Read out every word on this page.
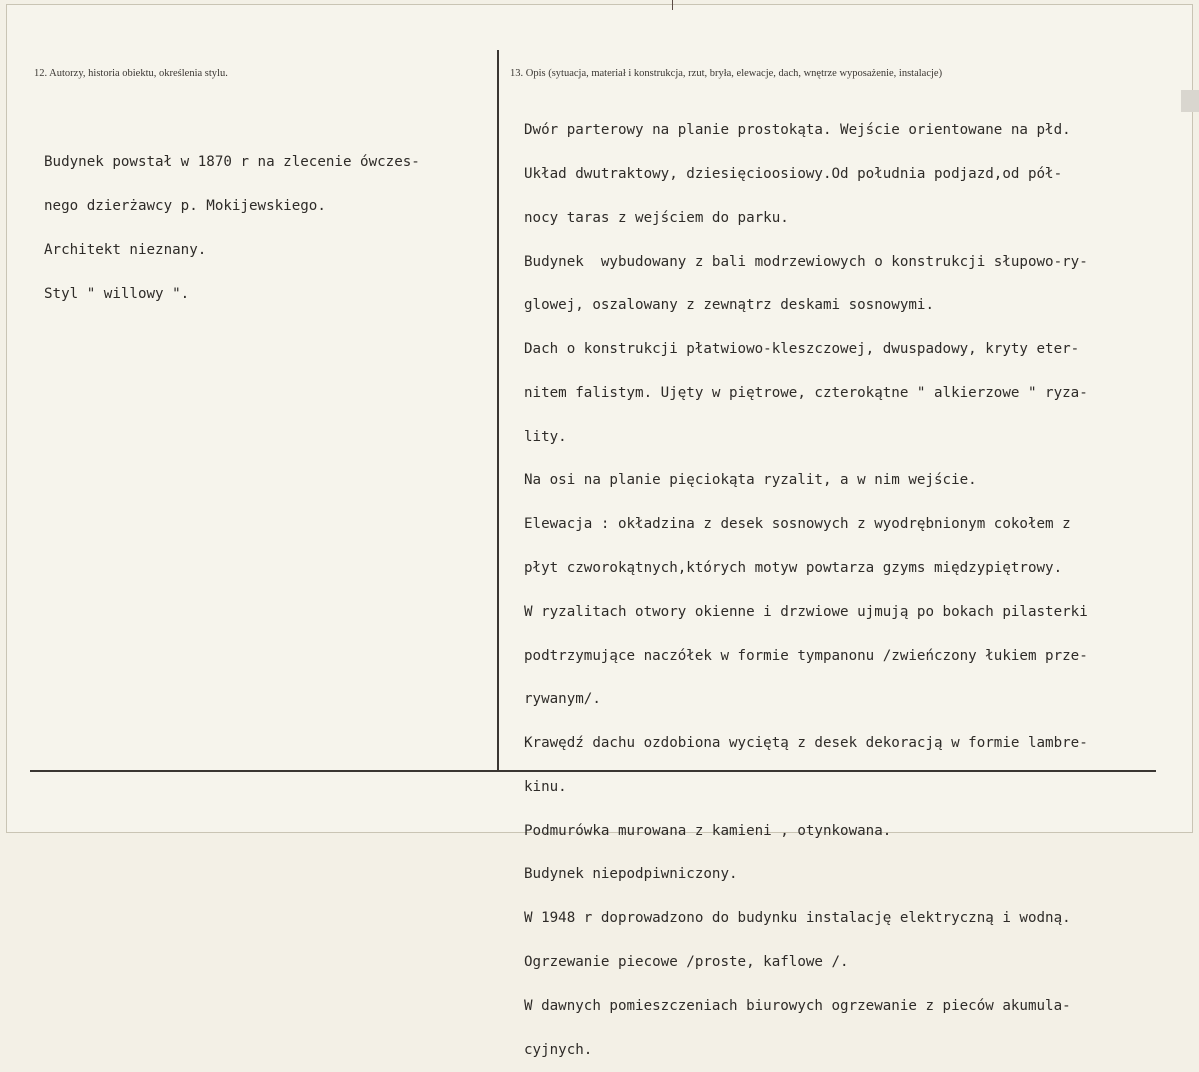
12. Autorzy, historia obiektu, określenia stylu.	13. Opis (sytuacja, materiał i konstrukcja, rzut, bryła, elewacje, dach, wnętrze wyposażenie, instalacje)

Budynek powstał w 1870 r na zlecenie ówczes-

nego dzierżawcy p. Mokijewskiego.

Architekt nieznany.

Styl " willowy ".

Dwór parterowy na planie prostokąta. Wejście orientowane na płd.

Układ dwutraktowy, dziesięcioosiowy.Od południa podjazd,od pół-

nocy taras z wejściem do parku.

Budynek  wybudowany z bali modrzewiowych o konstrukcji słupowo-ry-

glowej, oszalowany z zewnątrz deskami sosnowymi.

Dach o konstrukcji płatwiowo-kleszczowej, dwuspadowy, kryty eter-

nitem falistym. Ujęty w piętrowe, czterokątne " alkierzowe " ryza-

lity.

Na osi na planie pięciokąta ryzalit, a w nim wejście.

Elewacja : okładzina z desek sosnowych z wyodrębnionym cokołem z

płyt czworokątnych,których motyw powtarza gzyms międzypiętrowy.

W ryzalitach otwory okienne i drzwiowe ujmują po bokach pilasterki

podtrzymujące naczółek w formie tympanonu /zwieńczony łukiem prze-

rywanym/.

Krawędź dachu ozdobiona wyciętą z desek dekoracją w formie lambre-

kinu.

Podmurówka murowana z kamieni , otynkowana.

Budynek niepodpiwniczony.

W 1948 r doprowadzono do budynku instalację elektryczną i wodną.

Ogrzewanie piecowe /proste, kaflowe /.

W dawnych pomieszczeniach biurowych ogrzewanie z pieców akumula-

cyjnych.
